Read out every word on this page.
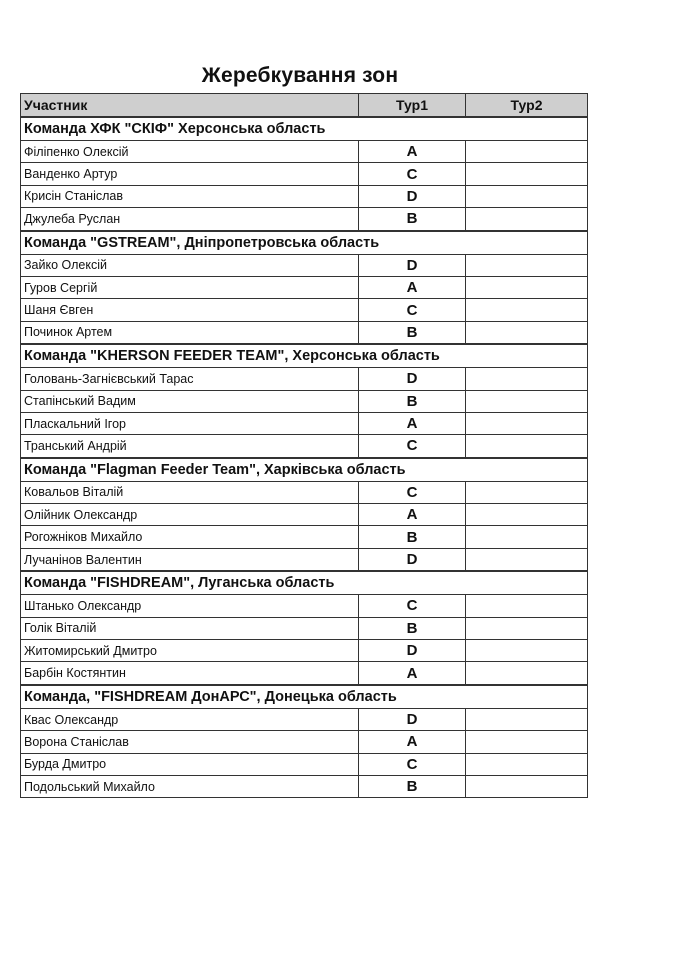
Жеребкування зон
Участник	Тур1	Тур2
Команда ХФК "СКІФ" Херсонська область		
Філіпенко Олексій	A	
Ванденко Артур	C	
Крисін Станіслав	D	
Джулеба Руслан	B	
Команда "GSTREAM", Дніпропетровська область		
Зайко Олексій	D	
Гуров Сергій	A	
Шаня Євген	C	
Починок Артем	B	
Команда "KHERSON FEEDER TEAM", Херсонська область		
Головань-Загнієвський Тарас	D	
Стапінський Вадим	B	
Пласкальний Ігор	A	
Транський Андрій	C	
Команда "Flagman Feeder Team", Харківська область		
Ковальов Віталій	C	
Олійник Олександр	A	
Рогожніков Михайло	B	
Лучанінов Валентин	D	
Команда "FISHDREAM", Луганська область		
Штанько Олександр	C	
Голік Віталій	B	
Житомирський Дмитро	D	
Барбін Костянтин	A	
Команда, "FISHDREAM ДонАРС", Донецька область		
Квас Олександр	D	
Ворона Станіслав	A	
Бурда Дмитро	C	
Подольський Михайло	B	
